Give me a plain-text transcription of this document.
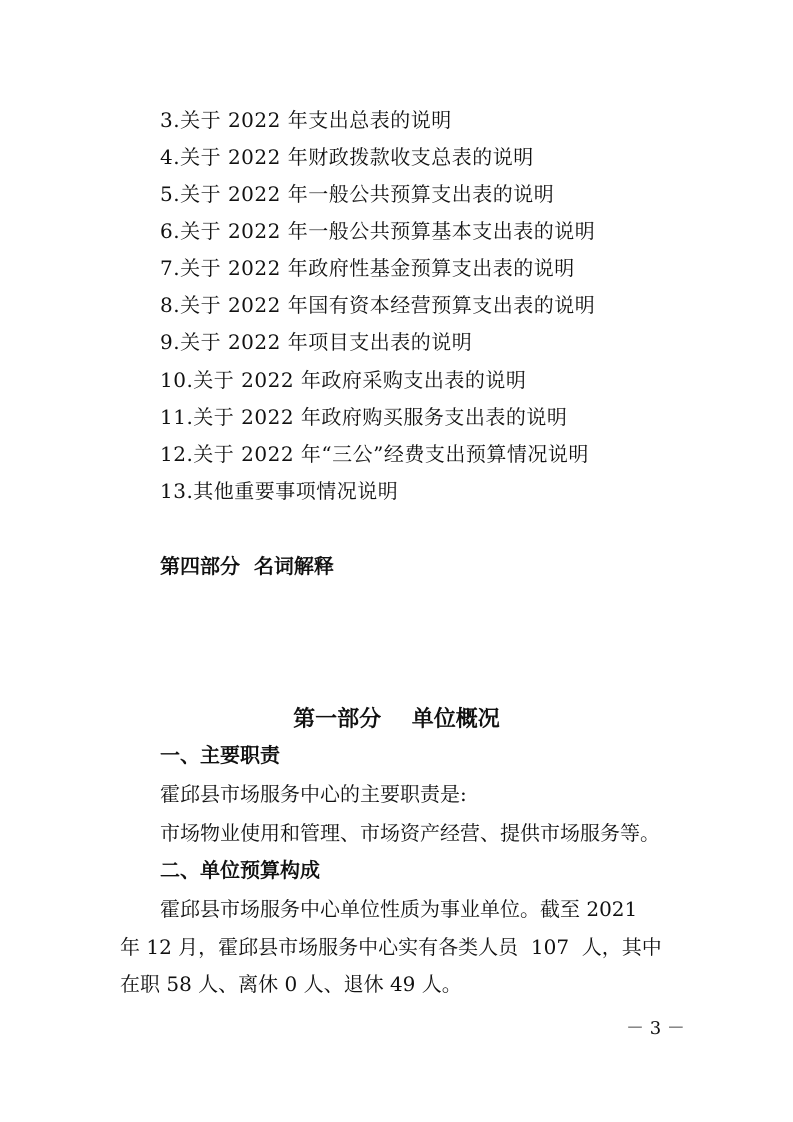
3.关于 2022 年支出总表的说明
4.关于 2022 年财政拨款收支总表的说明
5.关于 2022 年一般公共预算支出表的说明
6.关于 2022 年一般公共预算基本支出表的说明
7.关于 2022 年政府性基金预算支出表的说明
8.关于 2022 年国有资本经营预算支出表的说明
9.关于 2022 年项目支出表的说明
10.关于 2022 年政府采购支出表的说明
11.关于 2022 年政府购买服务支出表的说明
12.关于 2022 年“三公”经费支出预算情况说明
13.其他重要事项情况说明
第四部分  名词解释
第一部分    单位概况
一、主要职责
霍邱县市场服务中心的主要职责是:
市场物业使用和管理、市场资产经营、提供市场服务等。
二、单位预算构成
霍邱县市场服务中心单位性质为事业单位。截至 2021
年 12 月，霍邱县市场服务中心实有各类人员  107  人，其中
在职 58 人、离休 0 人、退休 49 人。
－ 3 －
